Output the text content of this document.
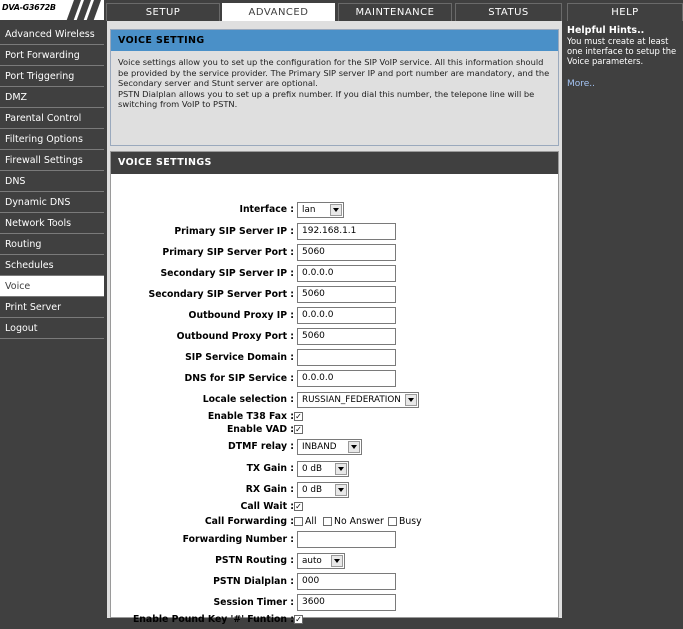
DVA-G3672B	SETUP	ADVANCED	MAINTENANCE	STATUS	HELP
Advanced Wireless
Port Forwarding
Port Triggering
DMZ
Parental Control
Filtering Options
Firewall Settings
DNS
Dynamic DNS
Network Tools
Routing
Schedules
Voice
Print Server
Logout
VOICE SETTING

Voice settings allow you to set up the configuration for the SIP VoIP service. All this information should be provided by the service provider. The Primary SIP server IP and port number are mandatory, and the Secondary server and Stunt server are optional.

PSTN Dialplan allows you to set up a prefix number. If you dial this number, the telepone line will be switching from VoIP to PSTN.

VOICE SETTINGS
Interface : lan
Primary SIP Server IP : 192.168.1.1
Primary SIP Server Port : 5060
Secondary SIP Server IP : 0.0.0.0
Secondary SIP Server Port : 5060
Outbound Proxy IP : 0.0.0.0
Outbound Proxy Port : 5060
SIP Service Domain :
DNS for SIP Service : 0.0.0.0
Locale selection : RUSSIAN_FEDERATION
Enable T38 Fax : ✓
Enable VAD : ✓
DTMF relay : INBAND
TX Gain : 0 dB
RX Gain : 0 dB
Call Wait : ✓
Call Forwarding : All No Answer Busy
Forwarding Number :
PSTN Routing : auto
PSTN Dialplan : 000
Session Timer : 3600
Enable Pound Key '#' Funtion : ✓
Helpful Hints..
You must create at least one interface to setup the Voice parameters.
More..
